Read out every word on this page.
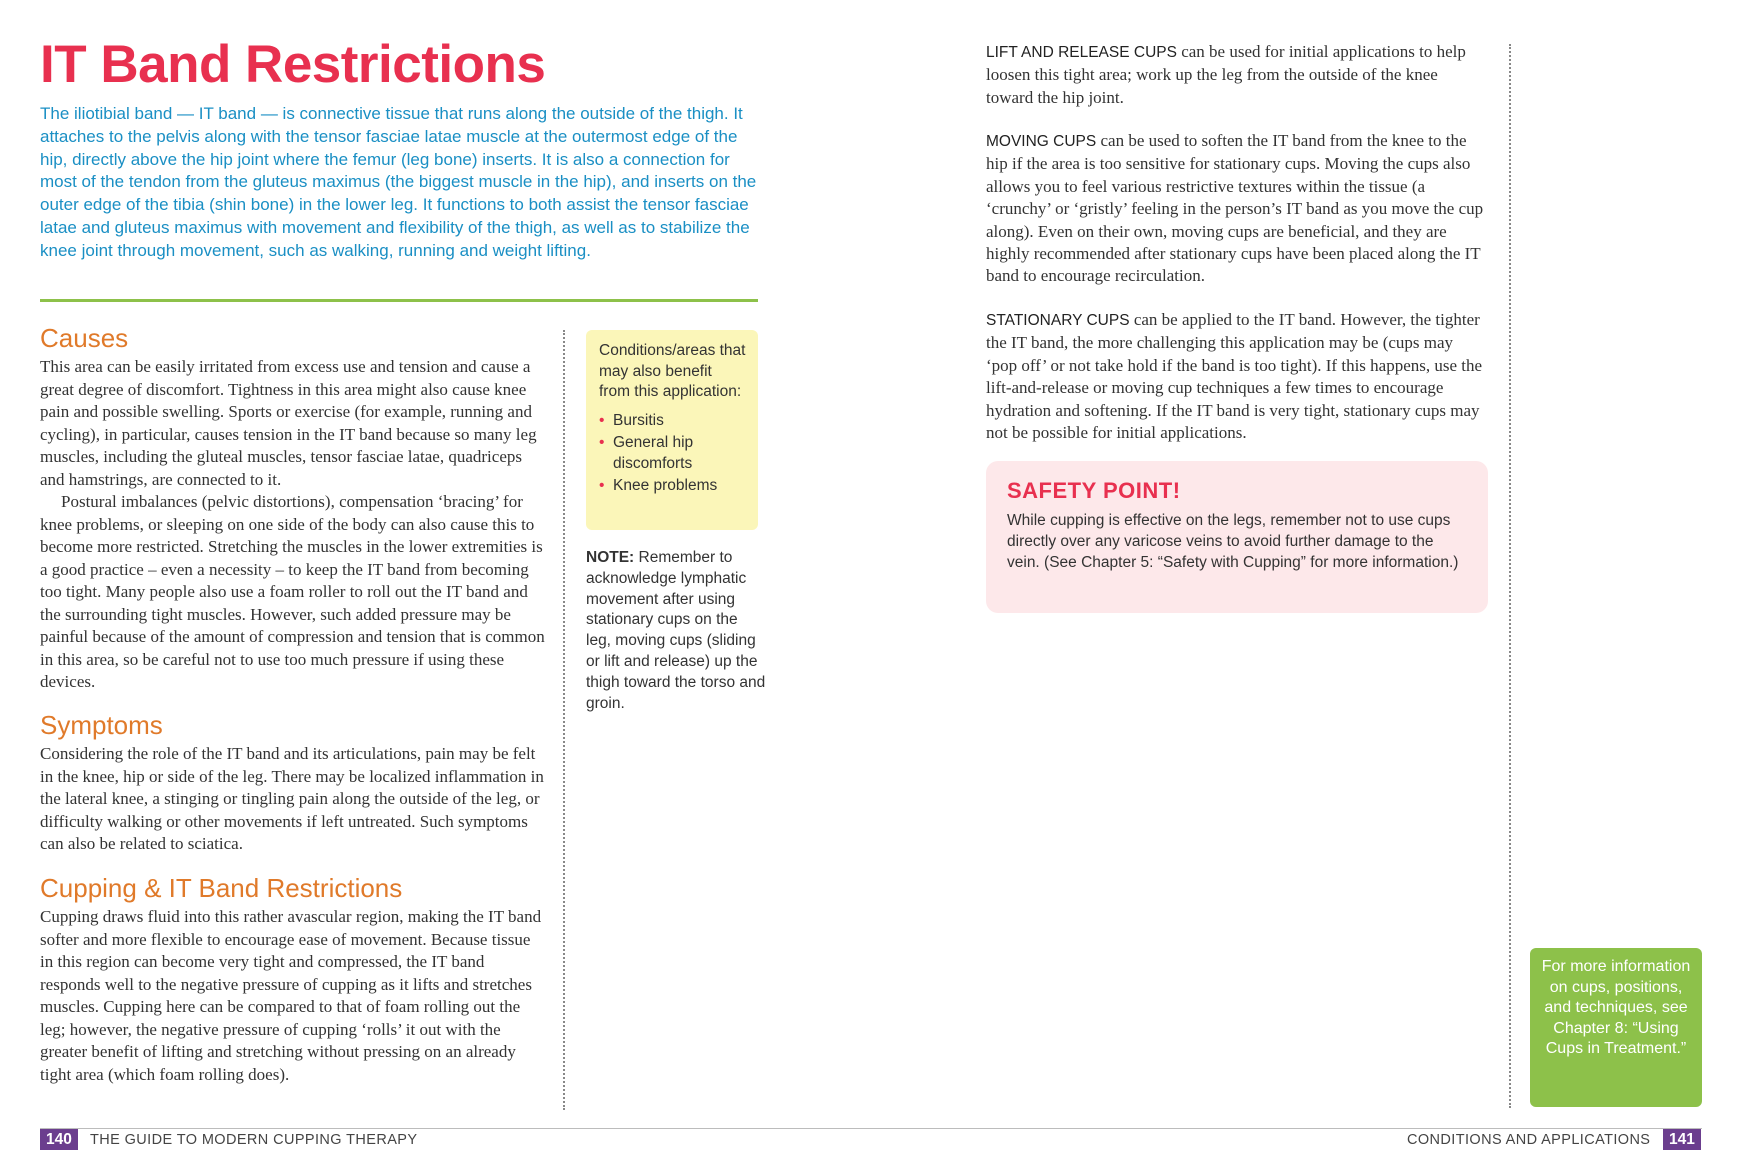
IT Band Restrictions

The iliotibial band — IT band — is connective tissue that runs along the outside of the thigh. It attaches to the pelvis along with the tensor fasciae latae muscle at the outermost edge of the hip, directly above the hip joint where the femur (leg bone) inserts. It is also a connection for most of the tendon from the gluteus maximus (the biggest muscle in the hip), and inserts on the outer edge of the tibia (shin bone) in the lower leg. It functions to both assist the tensor fasciae latae and gluteus maximus with movement and flexibility of the thigh, as well as to stabilize the knee joint through movement, such as walking, running and weight lifting.

Causes
This area can be easily irritated from excess use and tension and cause a great degree of discomfort. Tightness in this area might also cause knee pain and possible swelling. Sports or exercise (for example, running and cycling), in particular, causes tension in the IT band because so many leg muscles, including the gluteal muscles, tensor fasciae latae, quadriceps and hamstrings, are connected to it.
Postural imbalances (pelvic distortions), compensation ‘bracing’ for knee problems, or sleeping on one side of the body can also cause this to become more restricted. Stretching the muscles in the lower extremities is a good practice – even a necessity – to keep the IT band from becoming too tight. Many people also use a foam roller to roll out the IT band and the surrounding tight muscles. However, such added pressure may be painful because of the amount of compression and tension that is common in this area, so be careful not to use too much pressure if using these devices.
Symptoms

Considering the role of the IT band and its articulations, pain may be felt in the knee, hip or side of the leg. There may be localized inflammation in the lateral knee, a stinging or tingling pain along the outside of the leg, or difficulty walking or other movements if left untreated. Such symptoms can also be related to sciatica.

Cupping & IT Band Restrictions

Cupping draws fluid into this rather avascular region, making the IT band softer and more flexible to encourage ease of movement. Because tissue in this region can become very tight and compressed, the IT band responds well to the negative pressure of cupping as it lifts and stretches muscles. Cupping here can be compared to that of foam rolling out the leg; however, the negative pressure of cupping ‘rolls’ it out with the greater benefit of lifting and stretching without pressing on an already tight area (which foam rolling does).

Conditions/areas that may also benefit from this application:
• Bursitis
• General hip discomforts
• Knee problems

NOTE: Remember to acknowledge lymphatic movement after using stationary cups on the leg, moving cups (sliding or lift and release) up the thigh toward the torso and groin.

LIFT AND RELEASE CUPS can be used for initial applications to help loosen this tight area; work up the leg from the outside of the knee toward the hip joint.

MOVING CUPS can be used to soften the IT band from the knee to the hip if the area is too sensitive for stationary cups. Moving the cups also allows you to feel various restrictive textures within the tissue (a ‘crunchy’ or ‘gristly’ feeling in the person’s IT band as you move the cup along). Even on their own, moving cups are beneficial, and they are highly recommended after stationary cups have been placed along the IT band to encourage recirculation.

STATIONARY CUPS can be applied to the IT band. However, the tighter the IT band, the more challenging this application may be (cups may ‘pop off’ or not take hold if the band is too tight). If this happens, use the lift-and-release or moving cup techniques a few times to encourage hydration and softening. If the IT band is very tight, stationary cups may not be possible for initial applications.

SAFETY POINT!

While cupping is effective on the legs, remember not to use cups directly over any varicose veins to avoid further damage to the vein. (See Chapter 5: “Safety with Cupping” for more information.)

For more information on cups, positions, and techniques, see Chapter 8: “Using Cups in Treatment.”
140	THE GUIDE TO MODERN CUPPING THERAPY	CONDITIONS AND APPLICATIONS	141
